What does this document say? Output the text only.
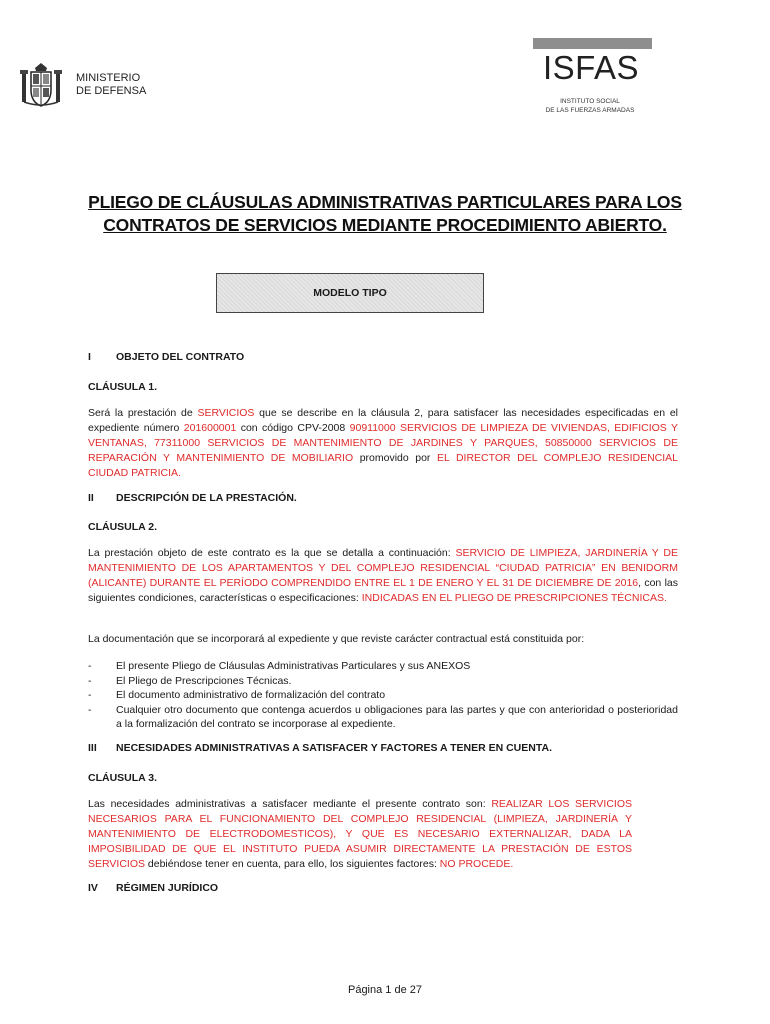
MINISTERIO
DE DEFENSA
ISFAS
INSTITUTO SOCIAL
DE LAS FUERZAS ARMADAS
PLIEGO DE CLÁUSULAS ADMINISTRATIVAS PARTICULARES PARA LOS
CONTRATOS DE SERVICIOS MEDIANTE PROCEDIMIENTO ABIERTO.
MODELO TIPO
I OBJETO DEL CONTRATO
CLÁUSULA 1.
Será la prestación de SERVICIOS que se describe en la cláusula 2, para satisfacer las necesidades especificadas en el expediente número 201600001 con código CPV-2008 90911000 SERVICIOS DE LIMPIEZA DE VIVIENDAS, EDIFICIOS Y VENTANAS, 77311000 SERVICIOS DE MANTENIMIENTO DE JARDINES Y PARQUES, 50850000 SERVICIOS DE REPARACIÓN Y MANTENIMIENTO DE MOBILIARIO promovido por EL DIRECTOR DEL COMPLEJO RESIDENCIAL CIUDAD PATRICIA.
II DESCRIPCIÓN DE LA PRESTACIÓN.
CLÁUSULA 2.
La prestación objeto de este contrato es la que se detalla a continuación: SERVICIO DE LIMPIEZA, JARDINERÍA Y DE MANTENIMIENTO DE LOS APARTAMENTOS Y DEL COMPLEJO RESIDENCIAL “CIUDAD PATRICIA” EN BENIDORM (ALICANTE) DURANTE EL PERÍODO COMPRENDIDO ENTRE EL 1 DE ENERO Y EL 31 DE DICIEMBRE DE 2016, con las siguientes condiciones, características o especificaciones: INDICADAS EN EL PLIEGO DE PRESCRIPCIONES TÉCNICAS.
La documentación que se incorporará al expediente y que reviste carácter contractual está constituida por:
-	El presente Pliego de Cláusulas Administrativas Particulares y sus ANEXOS
-	El Pliego de Prescripciones Técnicas.
-	El documento administrativo de formalización del contrato
-	Cualquier otro documento que contenga acuerdos u obligaciones para las partes y que con anterioridad o posterioridad a la formalización del contrato se incorporase al expediente.
III NECESIDADES ADMINISTRATIVAS A SATISFACER Y FACTORES A TENER EN CUENTA.
CLÁUSULA 3.
Las necesidades administrativas a satisfacer mediante el presente contrato son: REALIZAR LOS SERVICIOS NECESARIOS PARA EL FUNCIONAMIENTO DEL COMPLEJO RESIDENCIAL (LIMPIEZA, JARDINERÍA Y MANTENIMIENTO DE ELECTRODOMESTICOS), Y QUE ES NECESARIO EXTERNALIZAR, DADA LA IMPOSIBILIDAD DE QUE EL INSTITUTO PUEDA ASUMIR DIRECTAMENTE LA PRESTACIÓN DE ESTOS SERVICIOS debiéndose tener en cuenta, para ello, los siguientes factores: NO PROCEDE.
IV RÉGIMEN JURÍDICO
Página 1 de 27
